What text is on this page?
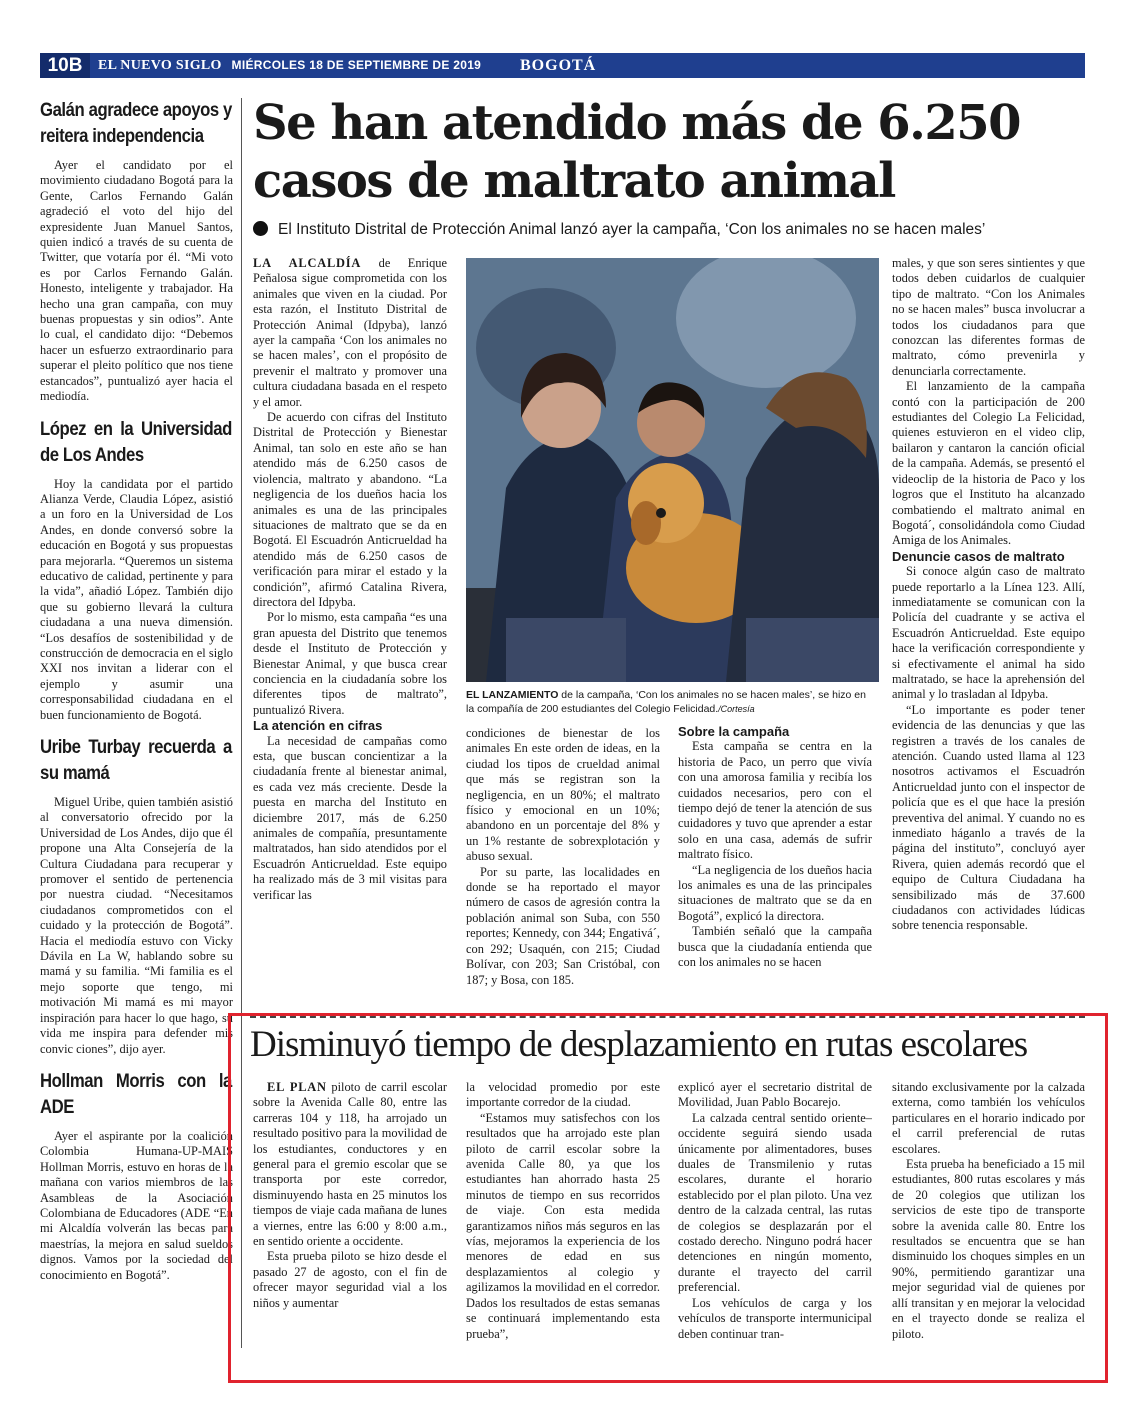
10B	EL NUEVO SIGLO MIÉRCOLES 18 DE SEPTIEMBRE DE 2019 BOGOTÁ
Galán agradece apoyos y reitera independencia

Ayer el candidato por el movimiento ciudadano Bogotá para la Gente, Carlos Fernando Galán agradeció el voto del hijo del expresidente Juan Manuel Santos, quien indicó a través de su cuenta de Twitter, que votaría por él. “Mi voto es por Carlos Fernando Galán. Honesto, inteligente y trabajador. Ha hecho una gran campaña, con muy buenas propuestas y sin odios”. Ante lo cual, el candidato dijo: “Debemos hacer un esfuerzo extraordinario para superar el pleito político que nos tiene estancados”, puntualizó ayer hacia el mediodía.

López en la Universidad de Los Andes

Hoy la candidata por el partido Alianza Verde, Claudia López, asistió a un foro en la Universidad de Los Andes, en donde conversó sobre la educación en Bogotá y sus propuestas para mejorarla. “Queremos un sistema educativo de calidad, pertinente y para la vida”, añadió López. También dijo que su gobierno llevará la cultura ciudadana a una nueva dimensión. “Los desafíos de sostenibilidad y de construcción de democracia en el siglo XXI nos invitan a liderar con el ejemplo y asumir una corresponsabilidad ciudadana en el buen funcionamiento de Bogotá.

Uribe Turbay recuerda a su mamá

Miguel Uribe, quien también asistió al conversatorio ofrecido por la Universidad de Los Andes, dijo que él propone una Alta Consejería de la Cultura Ciudadana para recuperar y promover el sentido de pertenencia por nuestra ciudad. “Necesitamos ciudadanos comprometidos con el cuidado y la protección de Bogotá”. Hacia el mediodía estuvo con Vicky Dávila en La W, hablando sobre su mamá y su familia. “Mi familia es el mejo soporte que tengo, mi motivación Mi mamá es mi mayor inspiración para hacer lo que hago, su vida me inspira para defender mis convic ciones”, dijo ayer.

Hollman Morris con la ADE

Ayer el aspirante por la coalición Colombia Humana-UP-MAIS Hollman Morris, estuvo en horas de la mañana con varios miembros de las Asambleas de la Asociación Colombiana de Educadores (ADE “En mi Alcaldía volverán las becas para maestrías, la mejora en salud sueldos dignos. Vamos por la sociedad del conocimiento en Bogotá”.

Se han atendido más de 6.250 casos de maltrato animal
El Instituto Distrital de Protección Animal lanzó ayer la campaña, ‘Con los animales no se hacen males’

LA ALCALDÍA de Enrique Peñalosa sigue comprometida con los animales que viven en la ciudad. Por esta razón, el Instituto Distrital de Protección Animal (Idpyba), lanzó ayer la campaña ‘Con los animales no se hacen males’, con el propósito de prevenir el maltrato y promover una cultura ciudadana basada en el respeto y el amor.

De acuerdo con cifras del Instituto Distrital de Protección y Bienestar Animal, tan solo en este año se han atendido más de 6.250 casos de violencia, maltrato y abandono. “La negligencia de los dueños hacia los animales es una de las principales situaciones de maltrato que se da en Bogotá. El Escuadrón Anticrueldad ha atendido más de 6.250 casos de verificación para mirar el estado y la condición”, afirmó Catalina Rivera, directora del Idpyba.

Por lo mismo, esta campaña “es una gran apuesta del Distrito que tenemos desde el Instituto de Protección y Bienestar Animal, y que busca crear conciencia en la ciudadanía sobre los diferentes tipos de maltrato”, puntualizó Rivera.

La atención en cifras

La necesidad de campañas como esta, que buscan concientizar a la ciudadanía frente al bienestar animal, es cada vez más creciente. Desde la puesta en marcha del Instituto en diciembre 2017, más de 6.250 animales de compañía, presuntamente maltratados, han sido atendidos por el Escuadrón Anticrueldad. Este equipo ha realizado más de 3 mil visitas para verificar las

EL LANZAMIENTO de la campaña, ‘Con los animales no se hacen males’, se hizo en la compañía de 200 estudiantes del Colegio Felicidad./Cortesía

condiciones de bienestar de los animales En este orden de ideas, en la ciudad los tipos de crueldad animal que más se registran son la negligencia, en un 80%; el maltrato físico y emocional en un 10%; abandono en un porcentaje del 8% y un 1% restante de sobrexplotación y abuso sexual.

Por su parte, las localidades en donde se ha reportado el mayor número de casos de agresión contra la población animal son Suba, con 550 reportes; Kennedy, con 344; Engativá´, con 292; Usaquén, con 215; Ciudad Bolívar, con 203; San Cristóbal, con 187; y Bosa, con 185.

Sobre la campaña

Esta campaña se centra en la historia de Paco, un perro que vivía con una amorosa familia y recibía los cuidados necesarios, pero con el tiempo dejó de tener la atención de sus cuidadores y tuvo que aprender a estar solo en una casa, además de sufrir maltrato físico.

“La negligencia de los dueños hacia los animales es una de las principales situaciones de maltrato que se da en Bogotá”, explicó la directora.

También señaló que la campaña busca que la ciudadanía entienda que con los animales no se hacen

males, y que son seres sintientes y que todos deben cuidarlos de cualquier tipo de maltrato. “Con los Animales no se hacen males” busca involucrar a todos los ciudadanos para que conozcan las diferentes formas de maltrato, cómo prevenirla y denunciarla correctamente.

El lanzamiento de la campaña contó con la participación de 200 estudiantes del Colegio La Felicidad, quienes estuvieron en el video clip, bailaron y cantaron la canción oficial de la campaña. Además, se presentó el videoclip de la historia de Paco y los logros que el Instituto ha alcanzado combatiendo el maltrato animal en Bogotá´, consolidándola como Ciudad Amiga de los Animales.

Denuncie casos de maltrato

Si conoce algún caso de maltrato puede reportarlo a la Línea 123. Allí, inmediatamente se comunican con la Policía del cuadrante y se activa el Escuadrón Anticrueldad. Este equipo hace la verificación correspondiente y si efectivamente el animal ha sido maltratado, se hace la aprehensión del animal y lo trasladan al Idpyba.

“Lo importante es poder tener evidencia de las denuncias y que las registren a través de los canales de atención. Cuando usted llama al 123 nosotros activamos el Escuadrón Anticrueldad junto con el inspector de policía que es el que hace la presión preventiva del animal. Y cuando no es inmediato háganlo a través de la página del instituto”, concluyó ayer Rivera, quien además recordó que el equipo de Cultura Ciudadana ha sensibilizado más de 37.600 ciudadanos con actividades lúdicas sobre tenencia responsable.

Disminuyó tiempo de desplazamiento en rutas escolares

EL PLAN piloto de carril escolar sobre la Avenida Calle 80, entre las carreras 104 y 118, ha arrojado un resultado positivo para la movilidad de los estudiantes, conductores y en general para el gremio escolar que se transporta por este corredor, disminuyendo hasta en 25 minutos los tiempos de viaje cada mañana de lunes a viernes, entre las 6:00 y 8:00 a.m., en sentido oriente a occidente.

Esta prueba piloto se hizo desde el pasado 27 de agosto, con el fin de ofrecer mayor seguridad vial a los niños y aumentar

la velocidad promedio por este importante corredor de la ciudad.

“Estamos muy satisfechos con los resultados que ha arrojado este plan piloto de carril escolar sobre la avenida Calle 80, ya que los estudiantes han ahorrado hasta 25 minutos de tiempo en sus recorridos de viaje. Con esta medida garantizamos niños más seguros en las vías, mejoramos la experiencia de los menores de edad en sus desplazamientos al colegio y agilizamos la movilidad en el corredor. Dados los resultados de estas semanas se continuará implementando esta prueba”,

explicó ayer el secretario distrital de Movilidad, Juan Pablo Bocarejo.

La calzada central sentido oriente–occidente seguirá siendo usada únicamente por alimentadores, buses duales de Transmilenio y rutas escolares, durante el horario establecido por el plan piloto. Una vez dentro de la calzada central, las rutas de colegios se desplazarán por el costado derecho. Ninguno podrá hacer detenciones en ningún momento, durante el trayecto del carril preferencial.

Los vehículos de carga y los vehículos de transporte intermunicipal deben continuar tran-

sitando exclusivamente por la calzada externa, como también los vehículos particulares en el horario indicado por el carril preferencial de rutas escolares.

Esta prueba ha beneficiado a 15 mil estudiantes, 800 rutas escolares y más de 20 colegios que utilizan los servicios de este tipo de transporte sobre la avenida calle 80. Entre los resultados se encuentra que se han disminuido los choques simples en un 90%, permitiendo garantizar una mejor seguridad vial de quienes por allí transitan y en mejorar la velocidad en el trayecto donde se realiza el piloto.
